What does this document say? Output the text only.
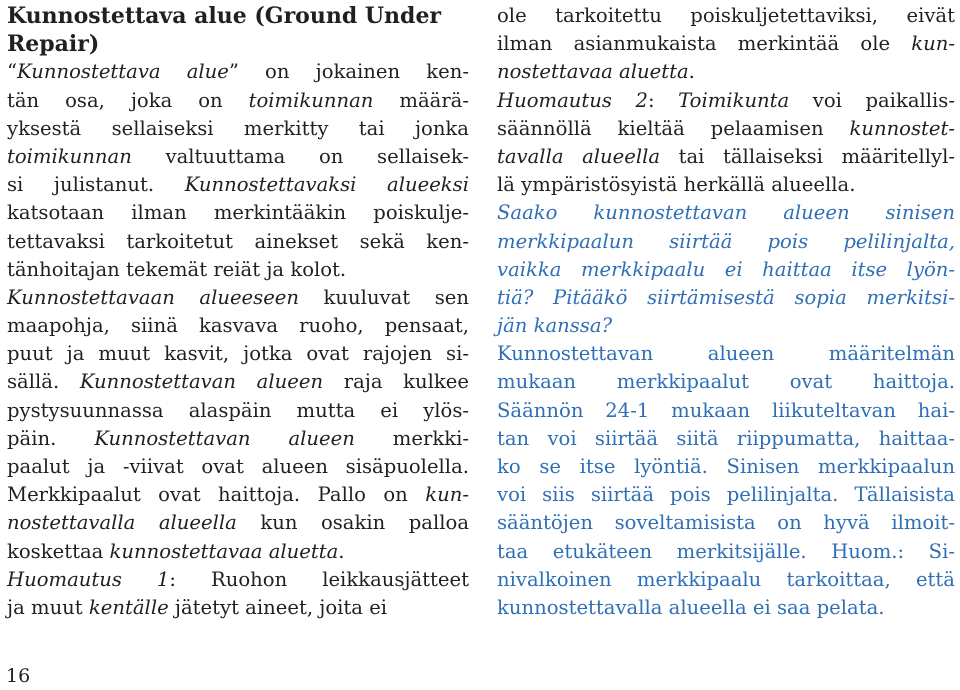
Kunnostettava alue (Ground Under
Repair)
“Kunnostettava alue” on jokainen ken-
tän osa, joka on toimikunnan määrä-
yksestä sellaiseksi merkitty tai jonka
toimikunnan valtuuttama on sellaisek-
si julistanut. Kunnostettavaksi alueeksi
katsotaan ilman merkintääkin poiskulje-
tettavaksi tarkoitetut ainekset sekä ken-
tänhoitajan tekemät reiät ja kolot.
Kunnostettavaan alueeseen kuuluvat sen
maapohja, siinä kasvava ruoho, pensaat,
puut ja muut kasvit, jotka ovat rajojen si-
sällä. Kunnostettavan alueen raja kulkee
pystysuunnassa alaspäin mutta ei ylös-
päin. Kunnostettavan alueen merkki-
paalut ja -viivat ovat alueen sisäpuolella.
Merkkipaalut ovat haittoja. Pallo on kun-
nostettavalla alueella kun osakin palloa
koskettaa kunnostettavaa aluetta.
Huomautus 1: Ruohon leikkausjätteet
ja muut kentälle jätetyt aineet, joita ei
ole tarkoitettu poiskuljetettaviksi, eivät
ilman asianmukaista merkintää ole kun-
nostettavaa aluetta.
Huomautus 2: Toimikunta voi paikallis-
säännöllä kieltää pelaamisen kunnostet-
tavalla alueella tai tällaiseksi määritellyl-
lä ympäristösyistä herkällä alueella.
Saako kunnostettavan alueen sinisen
merkkipaalun siirtää pois pelilinjalta,
vaikka merkkipaalu ei haittaa itse lyön-
tiä? Pitääkö siirtämisestä sopia merkitsi-
jän kanssa?
Kunnostettavan alueen määritelmän
mukaan merkkipaalut ovat haittoja.
Säännön 24-1 mukaan liikuteltavan hai-
tan voi siirtää siitä riippumatta, haittaa-
ko se itse lyöntiä. Sinisen merkkipaalun
voi siis siirtää pois pelilinjalta. Tällaisista
sääntöjen soveltamisista on hyvä ilmoit-
taa etukäteen merkitsijälle. Huom.: Si-
nivalkoinen merkkipaalu tarkoittaa, että
kunnostettavalla alueella ei saa pelata.
16
